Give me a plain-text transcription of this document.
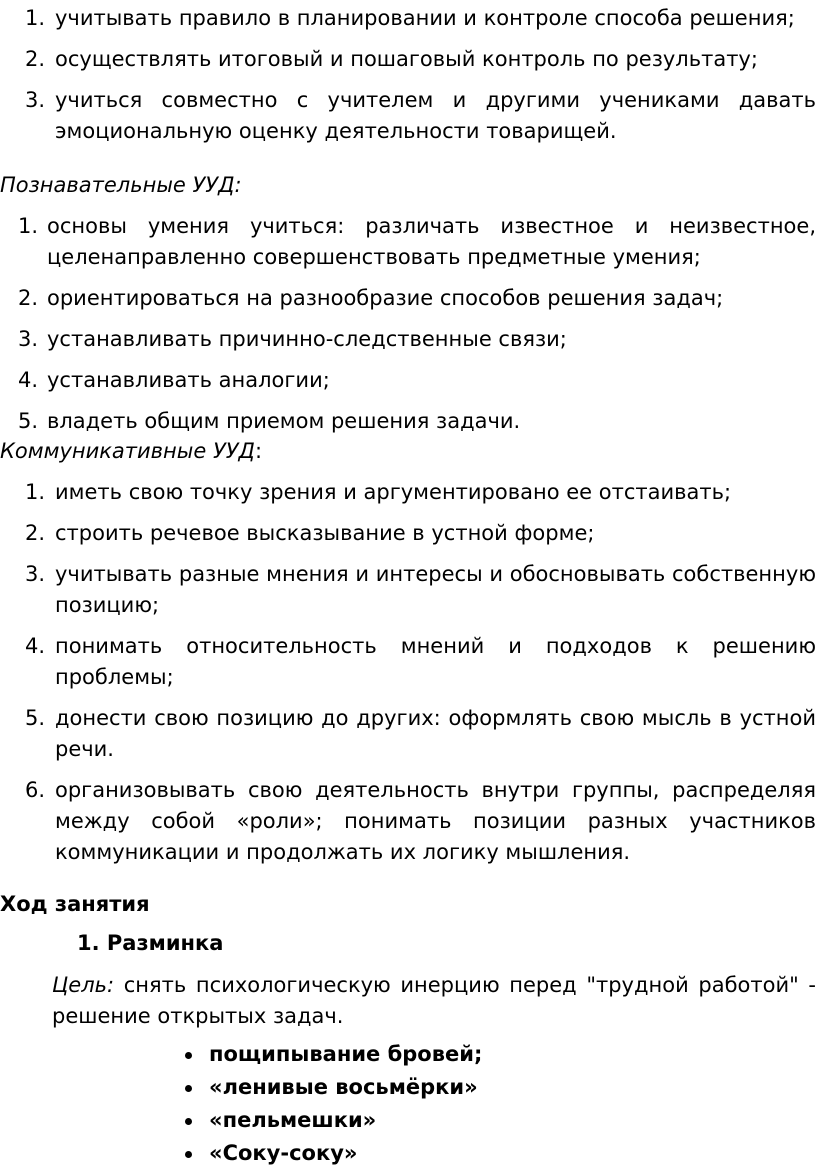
1. учитывать правило в планировании и контроле способа решения;
2. осуществлять итоговый и пошаговый контроль по результату;
3. учиться совместно с учителем и другими учениками давать эмоциональную оценку деятельности товарищей.

Познавательные УУД:

1. основы умения учиться: различать известное и неизвестное, целенаправленно совершенствовать предметные умения;
2. ориентироваться на разнообразие способов решения задач;
3. устанавливать причинно-следственные связи;
4. устанавливать аналогии;
5. владеть общим приемом решения задачи.

Коммуникативные УУД:

1. иметь свою точку зрения и аргументировано ее отстаивать;
2. строить речевое высказывание в устной форме;
3. учитывать разные мнения и интересы и обосновывать собственную позицию;
4. понимать относительность мнений и подходов к решению проблемы;
5. донести свою позицию до других: оформлять свою мысль в устной речи.
6. организовывать свою деятельность внутри группы, распределяя между собой «роли»; понимать позиции разных участников коммуникации и продолжать их логику мышления.

Ход занятия

1. Разминка

Цель: снять психологическую инерцию перед "трудной работой" - решение открытых задач.

пощипывание бровей;
«ленивые восьмёрки»
«пельмешки»
«Соку-соку»
